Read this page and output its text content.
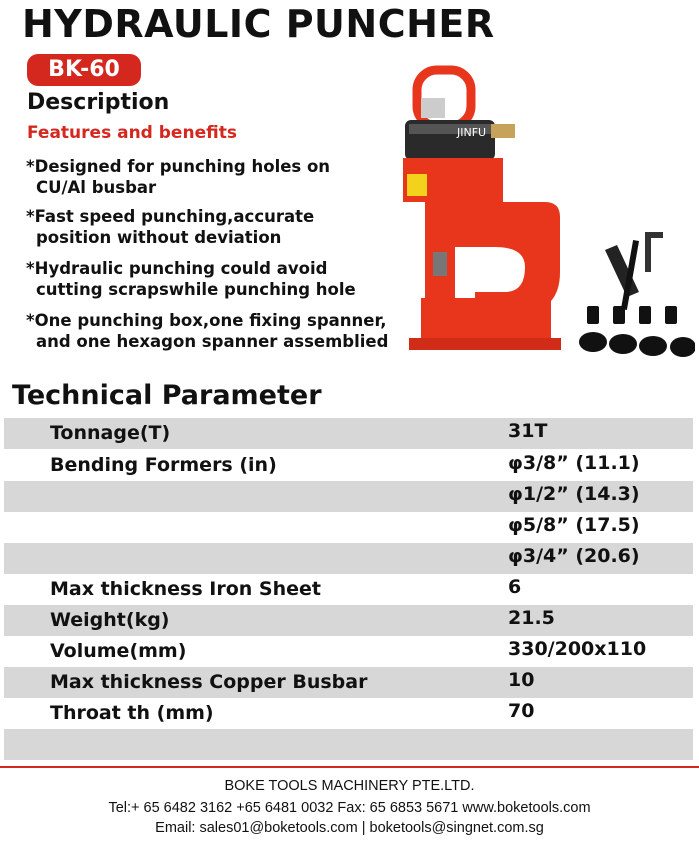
HYDRAULIC PUNCHER
BK-60
Description
Features and benefits
*Designed for punching holes on
CU/Al busbar
*Fast speed punching,accurate
position without deviation
*Hydraulic punching could avoid
cutting scrapswhile punching hole
*One punching box,one fixing spanner,
and one hexagon spanner assemblied
JINFU
Technical Parameter
Tonnage(T)	31T
Bending Formers (in)	φ3/8” (11.1)
φ1/2” (14.3)
φ5/8” (17.5)
φ3/4” (20.6)
Max thickness Iron Sheet	6
Weight(kg)	21.5
Volume(mm)	330/200x110
Max thickness Copper Busbar	10
Throat th (mm)	70
BOKE TOOLS MACHINERY PTE.LTD.
Tel:+ 65 6482 3162 +65 6481 0032 Fax: 65 6853 5671 www.boketools.com
Email: sales01@boketools.com | boketools@singnet.com.sg
